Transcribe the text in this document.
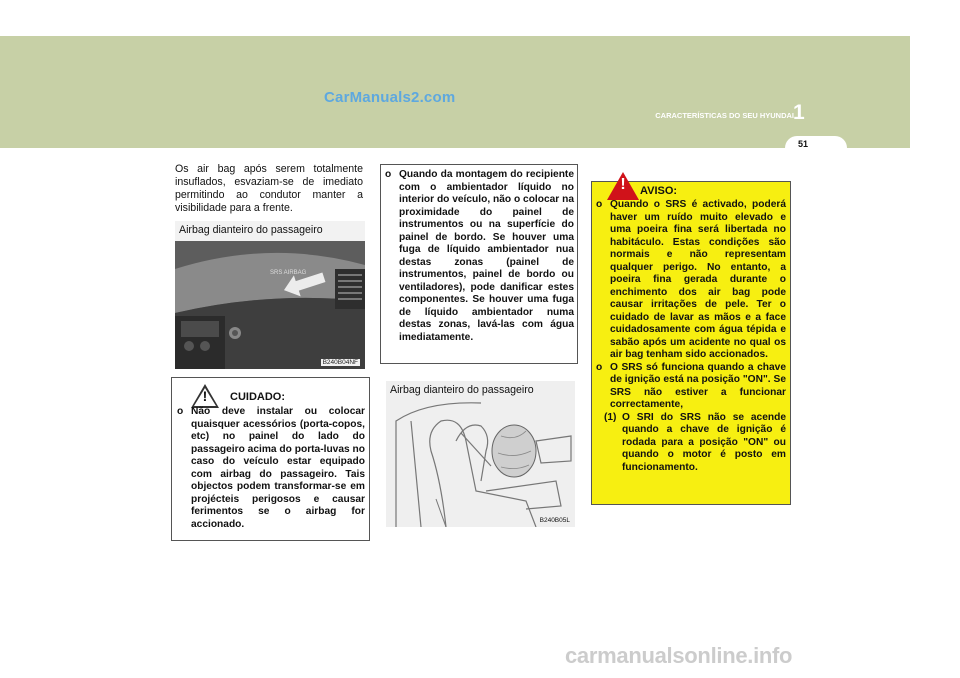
CarManuals2.com
CARACTERÍSTICAS DO SEU HYUNDAI 1
51
Os air bag após serem totalmente insuflados, esvaziam-se de imediato permitindo ao condutor manter a visibilidade para a frente.
SRS AIRBAG
Airbag dianteiro do passageiro
B240B04NF
!	CUIDADO:

o Não deve instalar ou colocar quaisquer acessórios (porta-copos, etc) no painel do lado do passageiro acima do porta-luvas no caso do veículo estar equipado com airbag do passageiro. Tais objectos podem transformar-se em projécteis perigosos e causar ferimentos se o airbag for accionado.

o Quando da montagem do recipiente com o ambientador líquido no interior do veículo, não o colocar na proximidade do painel de instrumentos ou na superfície do painel de bordo. Se houver uma fuga de líquido ambientador nua destas zonas (painel de instrumentos, painel de bordo ou ventiladores), pode danificar estes componentes. Se houver uma fuga de líquido ambientador numa destas zonas, lavá-las com água imediatamente.

Airbag dianteiro do passageiro
B240B05L
!	AVISO:

o Quando o SRS é activado, poderá haver um ruído muito elevado e uma poeira fina será libertada no habitáculo. Estas condições são normais e não representam qualquer perigo. No entanto, a poeira fina gerada durante o enchimento dos air bag pode causar irritações de pele. Ter o cuidado de lavar as mãos e a face cuidadosamente com água tépida e sabão após um acidente no qual os air bag tenham sido accionados.

o O SRS só funciona quando a chave de ignição está na posição "ON". Se SRS não estiver a funcionar correctamente,

(1) O SRI do SRS não se acende quando a chave de ignição é rodada para a posição "ON" ou quando o motor é posto em funcionamento.

carmanualsonline.info
